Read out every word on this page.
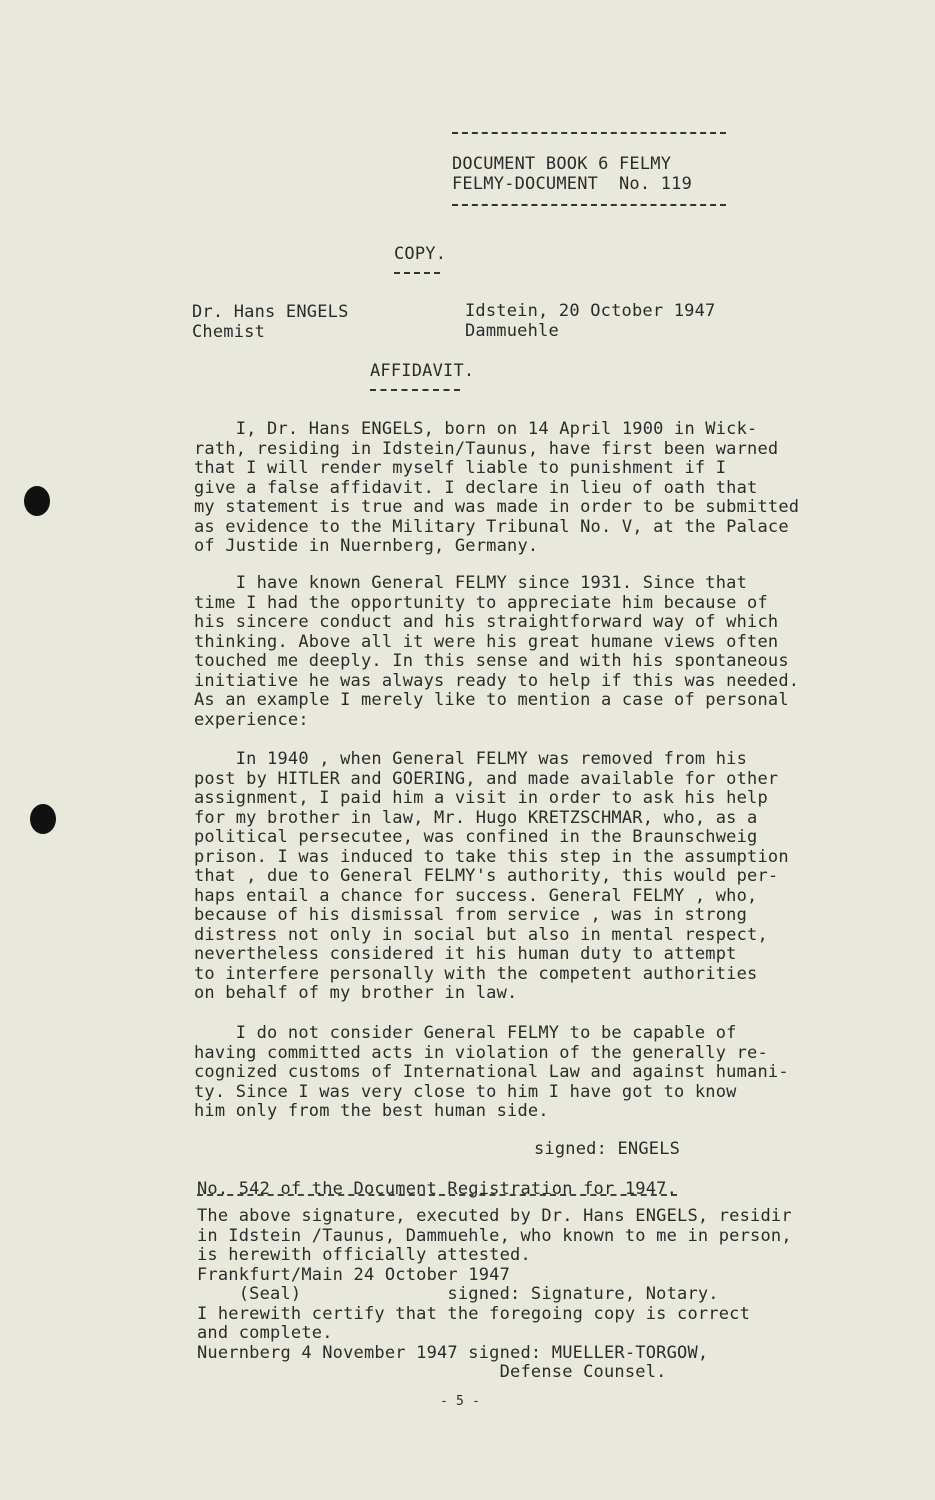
DOCUMENT BOOK 6 FELMY
FELMY-DOCUMENT  No. 119
COPY.
Dr. Hans ENGELS
Chemist
Idstein, 20 October 1947
Dammuehle
AFFIDAVIT.
I, Dr. Hans ENGELS, born on 14 April 1900 in Wick-
rath, residing in Idstein/Taunus, have first been warned
that I will render myself liable to punishment if I
give a false affidavit. I declare in lieu of oath that
my statement is true and was made in order to be submitted
as evidence to the Military Tribunal No. V, at the Palace
of Justide in Nuernberg, Germany.
I have known General FELMY since 1931. Since that
time I had the opportunity to appreciate him because of
his sincere conduct and his straightforward way of which
thinking. Above all it were his great humane views often
touched me deeply. In this sense and with his spontaneous
initiative he was always ready to help if this was needed.
As an example I merely like to mention a case of personal
experience:
In 1940 , when General FELMY was removed from his
post by HITLER and GOERING, and made available for other
assignment, I paid him a visit in order to ask his help
for my brother in law, Mr. Hugo KRETZSCHMAR, who, as a
political persecutee, was confined in the Braunschweig
prison. I was induced to take this step in the assumption
that , due to General FELMY's authority, this would per-
haps entail a chance for success. General FELMY , who,
because of his dismissal from service , was in strong
distress not only in social but also in mental respect,
nevertheless considered it his human duty to attempt
to interfere personally with the competent authorities
on behalf of my brother in law.
I do not consider General FELMY to be capable of
having committed acts in violation of the generally re-
cognized customs of International Law and against humani-
ty. Since I was very close to him I have got to know
him only from the best human side.
signed: ENGELS
No. 542 of the Document Registration for 1947.
The above signature, executed by Dr. Hans ENGELS, residir
in Idstein /Taunus, Dammuehle, who known to me in person,
is herewith officially attested.
Frankfurt/Main 24 October 1947
(Seal)              signed: Signature, Notary.
I herewith certify that the foregoing copy is correct
and complete.
Nuernberg 4 November 1947 signed: MUELLER-TORGOW,
Defense Counsel.
- 5 -
